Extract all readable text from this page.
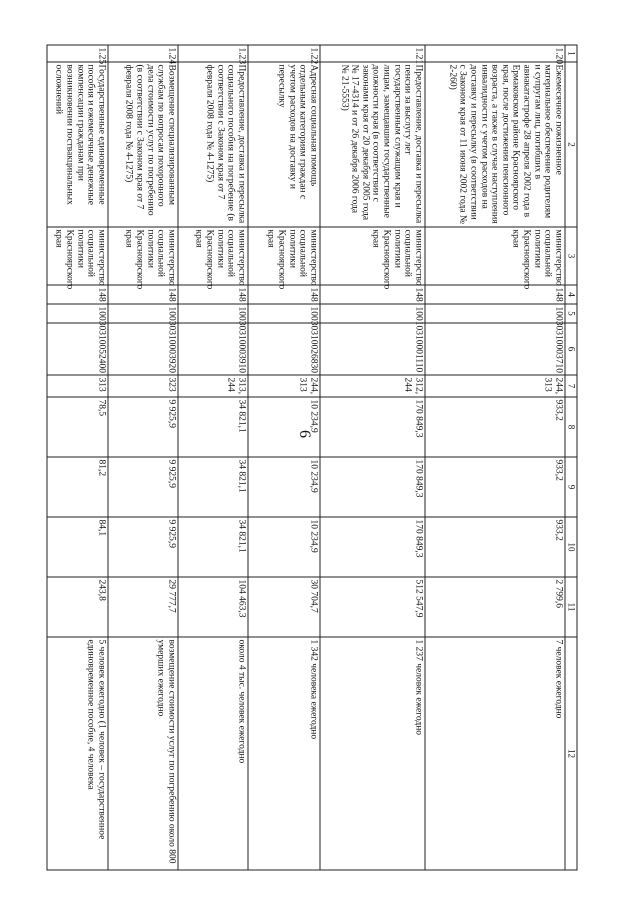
6
1	2	3	4	5	6	7	8	9	10	11	12
1.20	Ежемесячное пожизненное материальное обеспечение родителям и супругам лиц, погибших в авиакатастрофе 28 апреля 2002 года в Ермаковском районе Красноярского края, после достижения пенсионного возраста, а также в случае наступления инвалидности с учетом расходов на доставку и пересылку (в соответствии с Законом края от 11 июня 2002 года № 2-260)	министерство социальной политики Красноярского края	148	1003	0310003710	244, 313	933,2	933,2	933,2	2 799,6	7 человек ежегодно
1.21	Предоставление, доставка и пересылка пенсии за выслугу лет государственным служащим края и лицам, замещавшим государственные должности края (в соответствии с законами края от 20 декабря 2005 года № 17-4314 и от 26 декабря 2006 года № 21-5553)	министерство социальной политики Красноярского края	148	1001	0310001110	312, 244	170 849,3	170 849,3	170 849,3	512 547,9	1 237 человек ежегодно
1.22	Адресная социальная помощь отдельным категориям граждан с учетом расходов на доставку и пересылку	министерство социальной политики Красноярского края	148	1003	0310026830	244, 313	10 234,9	10 234,9	10 234,9	30 704,7	1 342 человека ежегодно
1.23	Предоставление, доставка и пересылка социального пособия на погребение (в соответствии с Законом края от 7 февраля 2008 года № 4-1275)	министерство социальной политики Красноярского края	148	1003	0310003910	313, 244	34 821,1	34 821,1	34 821,1	104 463,3	около 4 тыс. человек ежегодно
1.24	Возмещение специализированным службам по вопросам похоронного дела стоимости услуг по погребению (в соответствии с Законом края от 7 февраля 2008 года № 4-1275)	министерство социальной политики Красноярского края	148	1003	0310003920	323	9 925,9	9 925,9	9 925,9	29 777,7	возмещение стоимости услуг по погребению около 800 умерших ежегодно
1.25	Государственные единовременные пособия и ежемесячные денежные компенсации гражданам при возникновении поствакцинальных осложнений	министерство социальной политики Красноярского края	148	1003	0310052400	313	78,5	81,2	84,1	243,8	5 человек ежегодно (1 человек – государственное единовременное пособие, 4 человека
